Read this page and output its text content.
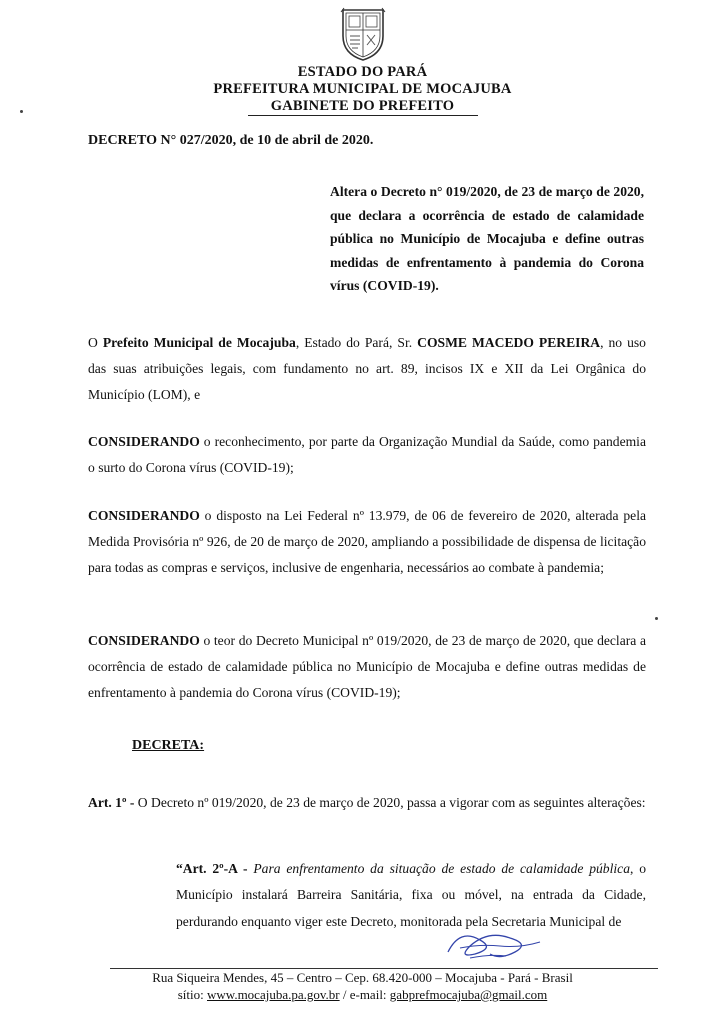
ESTADO DO PARÁ
PREFEITURA MUNICIPAL DE MOCAJUBA
GABINETE DO PREFEITO
DECRETO N° 027/2020, de 10 de abril de 2020.
Altera o Decreto n° 019/2020, de 23 de março de 2020, que declara a ocorrência de estado de calamidade pública no Município de Mocajuba e define outras medidas de enfrentamento à pandemia do Corona vírus (COVID-19).
O Prefeito Municipal de Mocajuba, Estado do Pará, Sr. COSME MACEDO PEREIRA, no uso das suas atribuições legais, com fundamento no art. 89, incisos IX e XII da Lei Orgânica do Município (LOM), e
CONSIDERANDO o reconhecimento, por parte da Organização Mundial da Saúde, como pandemia o surto do Corona vírus (COVID-19);
CONSIDERANDO o disposto na Lei Federal nº 13.979, de 06 de fevereiro de 2020, alterada pela Medida Provisória nº 926, de 20 de março de 2020, ampliando a possibilidade de dispensa de licitação para todas as compras e serviços, inclusive de engenharia, necessários ao combate à pandemia;
CONSIDERANDO o teor do Decreto Municipal nº 019/2020, de 23 de março de 2020, que declara a ocorrência de estado de calamidade pública no Município de Mocajuba e define outras medidas de enfrentamento à pandemia do Corona vírus (COVID-19);
DECRETA:
Art. 1º - O Decreto nº 019/2020, de 23 de março de 2020, passa a vigorar com as seguintes alterações:
“Art. 2º-A - Para enfrentamento da situação de estado de calamidade pública, o Município instalará Barreira Sanitária, fixa ou móvel, na entrada da Cidade, perdurando enquanto viger este Decreto, monitorada pela Secretaria Municipal de
Rua Siqueira Mendes, 45 – Centro – Cep. 68.420-000 – Mocajuba - Pará - Brasil
sítio: www.mocajuba.pa.gov.br / e-mail: gabprefmocajuba@gmail.com
